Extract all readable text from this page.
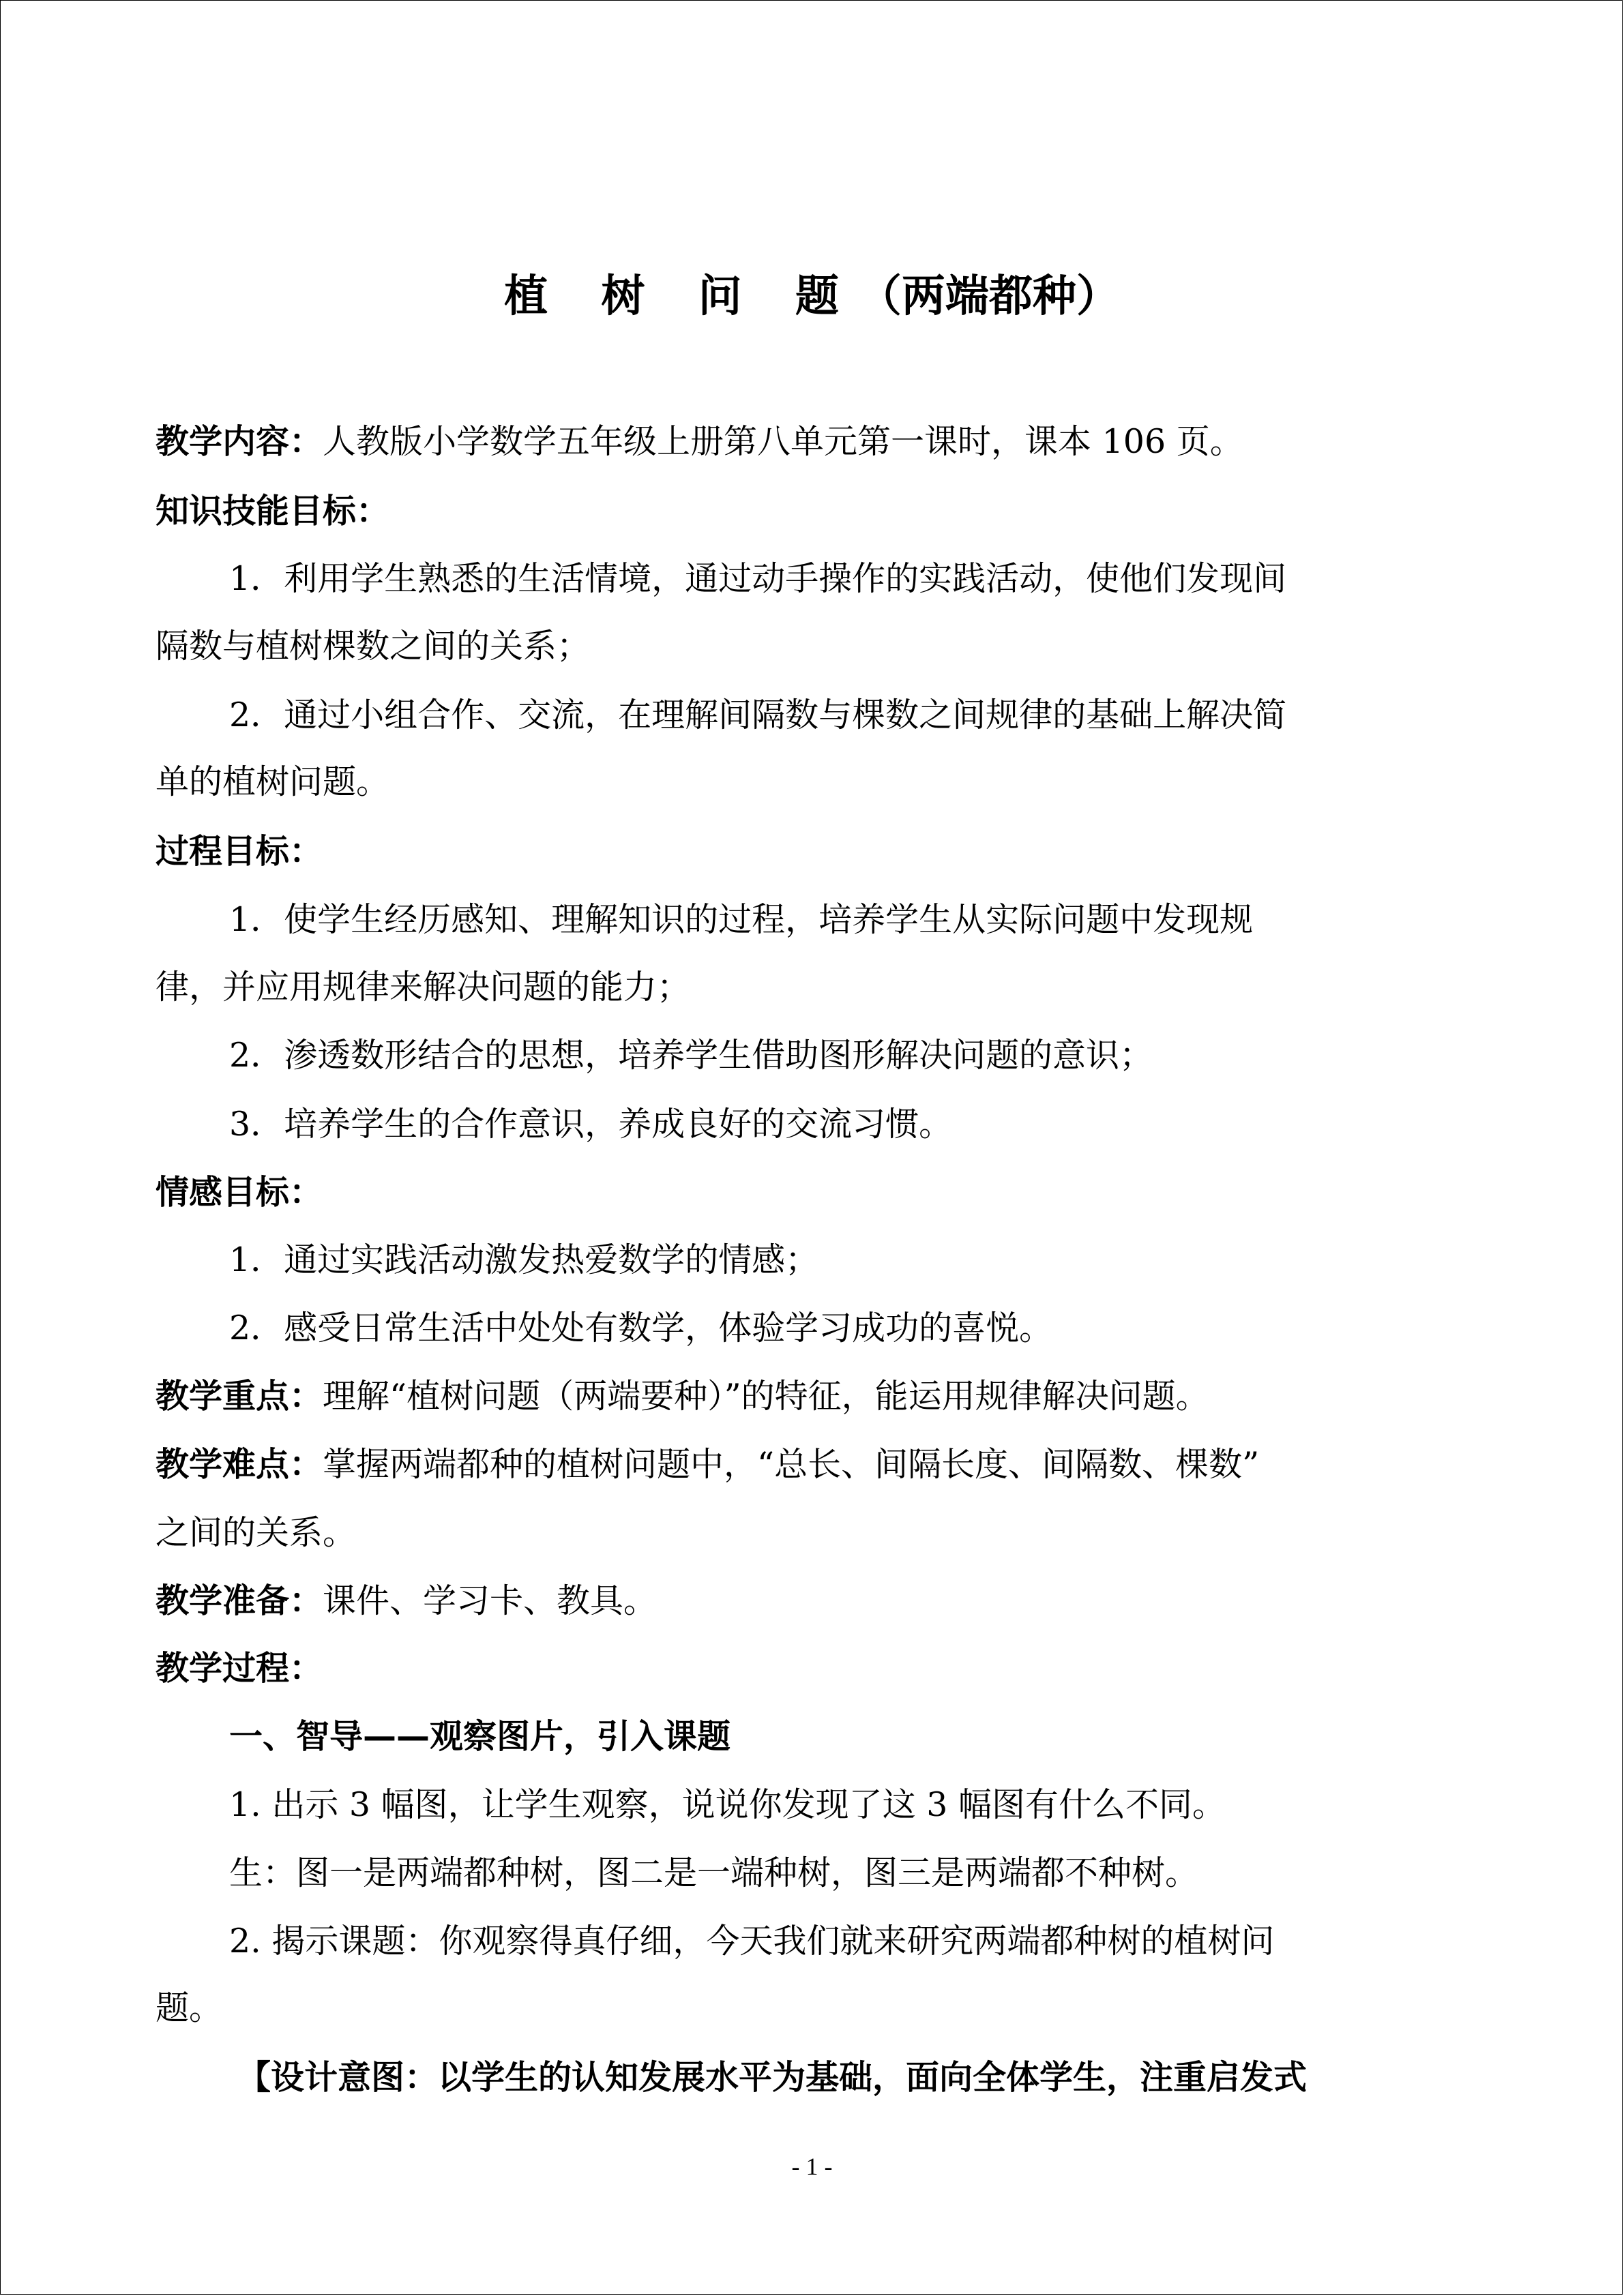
植 树 问 题（两端都种）

教学内容：人教版小学数学五年级上册第八单元第一课时，课本 106 页。

知识技能目标：

1．利用学生熟悉的生活情境，通过动手操作的实践活动，使他们发现间

隔数与植树棵数之间的关系；

2．通过小组合作、交流，在理解间隔数与棵数之间规律的基础上解决简

单的植树问题。

过程目标：

1．使学生经历感知、理解知识的过程，培养学生从实际问题中发现规

律，并应用规律来解决问题的能力；

2．渗透数形结合的思想，培养学生借助图形解决问题的意识；

3．培养学生的合作意识，养成良好的交流习惯。

情感目标：

1．通过实践活动激发热爱数学的情感；

2．感受日常生活中处处有数学，体验学习成功的喜悦。

教学重点：理解“植树问题（两端要种）”的特征，能运用规律解决问题。

教学难点：掌握两端都种的植树问题中，“总长、间隔长度、间隔数、棵数”

之间的关系。

教学准备：课件、学习卡、教具。

教学过程：

一、智导——观察图片，引入课题

1. 出示 3 幅图，让学生观察，说说你发现了这 3 幅图有什么不同。

生：图一是两端都种树，图二是一端种树，图三是两端都不种树。

2. 揭示课题：你观察得真仔细，今天我们就来研究两端都种树的植树问

题。

【设计意图：以学生的认知发展水平为基础，面向全体学生，注重启发式

- 1 -
